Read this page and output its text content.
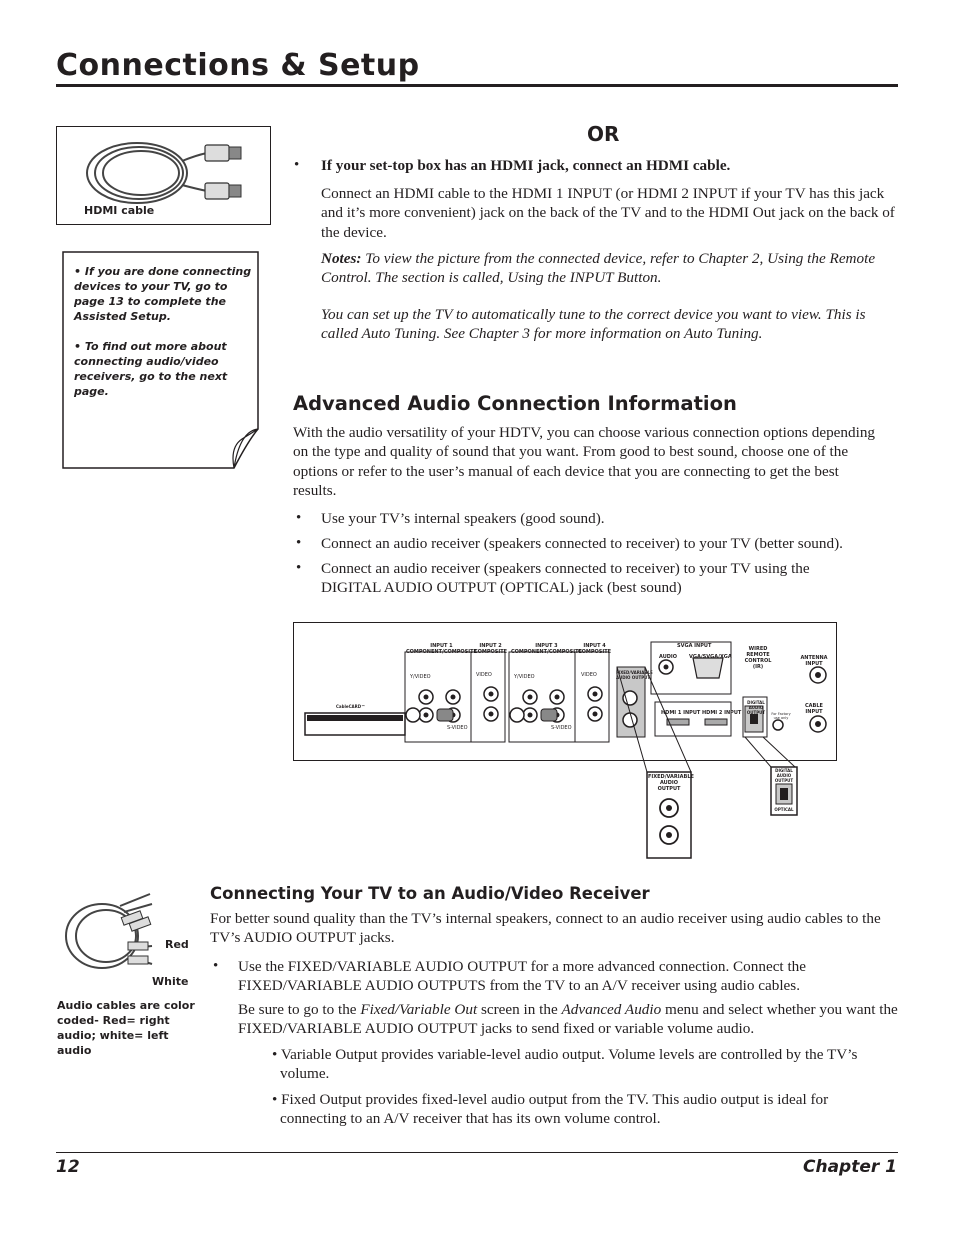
Connections & Setup
HDMI cable
• If you are done connecting devices to your TV, go to page 13 to complete the Assisted Setup.
• To find out more about connecting audio/video receivers, go to the next page.
OR
• If your set-top box has an HDMI jack, connect an HDMI cable.
Connect an HDMI cable to the HDMI 1 INPUT (or HDMI 2 INPUT if your TV has this jack and it’s more convenient) jack on the back of the TV and to the HDMI Out jack on the back of the device.
Notes: To view the picture from the connected device, refer to Chapter 2, Using the Remote Control. The section is called, Using the INPUT Button.
You can set up the TV to automatically tune to the correct device you want to view. This is called Auto Tuning. See Chapter 3 for more information on Auto Tuning.
Advanced Audio Connection Information
With the audio versatility of your HDTV, you can choose various connection options depending on the type and quality of sound that you want. From good to best sound, choose one of the options or refer to the user’s manual of each device that you are connecting to get the best results.
• Use your TV’s internal speakers (good sound).
• Connect an audio receiver (speakers connected to receiver) to your TV (better sound).
• Connect an audio receiver (speakers connected to receiver) to your TV using the DIGITAL AUDIO OUTPUT (OPTICAL) jack (best sound)
CableCARD™
INPUT 1
COMPONENT/COMPOSITE
INPUT 2
COMPOSITE
INPUT 3
COMPONENT/COMPOSITE
INPUT 4
COMPOSITE
Y/VIDEO	VIDEO	Y/VIDEO	VIDEO
S-VIDEO	S-VIDEO
SVGA INPUT
AUDIO VGA/SVGA/XGA
FIXED/VARIABLE AUDIO OUTPUT
HDMI 1 INPUT HDMI 2 INPUT
DIGITAL AUDIO OUTPUT
WIRED REMOTE CONTROL (IR)
For Factory use only
ANTENNA INPUT
CABLE INPUT
FIXED/VARIABLE AUDIO OUTPUT
DIGITAL AUDIO OUTPUT
OPTICAL
Red
White
Audio cables are color coded- Red= right audio; white= left audio
Connecting Your TV to an Audio/Video Receiver
For better sound quality than the TV’s internal speakers, connect to an audio receiver using audio cables to the TV’s AUDIO OUTPUT jacks.
• Use the FIXED/VARIABLE AUDIO OUTPUT for a more advanced connection. Connect the FIXED/VARIABLE AUDIO OUTPUTS from the TV to an A/V receiver using audio cables.
Be sure to go to the Fixed/Variable Out screen in the Advanced Audio menu and select whether you want the FIXED/VARIABLE AUDIO OUTPUT jacks to send fixed or variable volume audio.
• Variable Output provides variable-level audio output. Volume levels are controlled by the TV’s volume.
• Fixed Output provides fixed-level audio output from the TV. This audio output is ideal for connecting to an A/V receiver that has its own volume control.
12	Chapter 1
